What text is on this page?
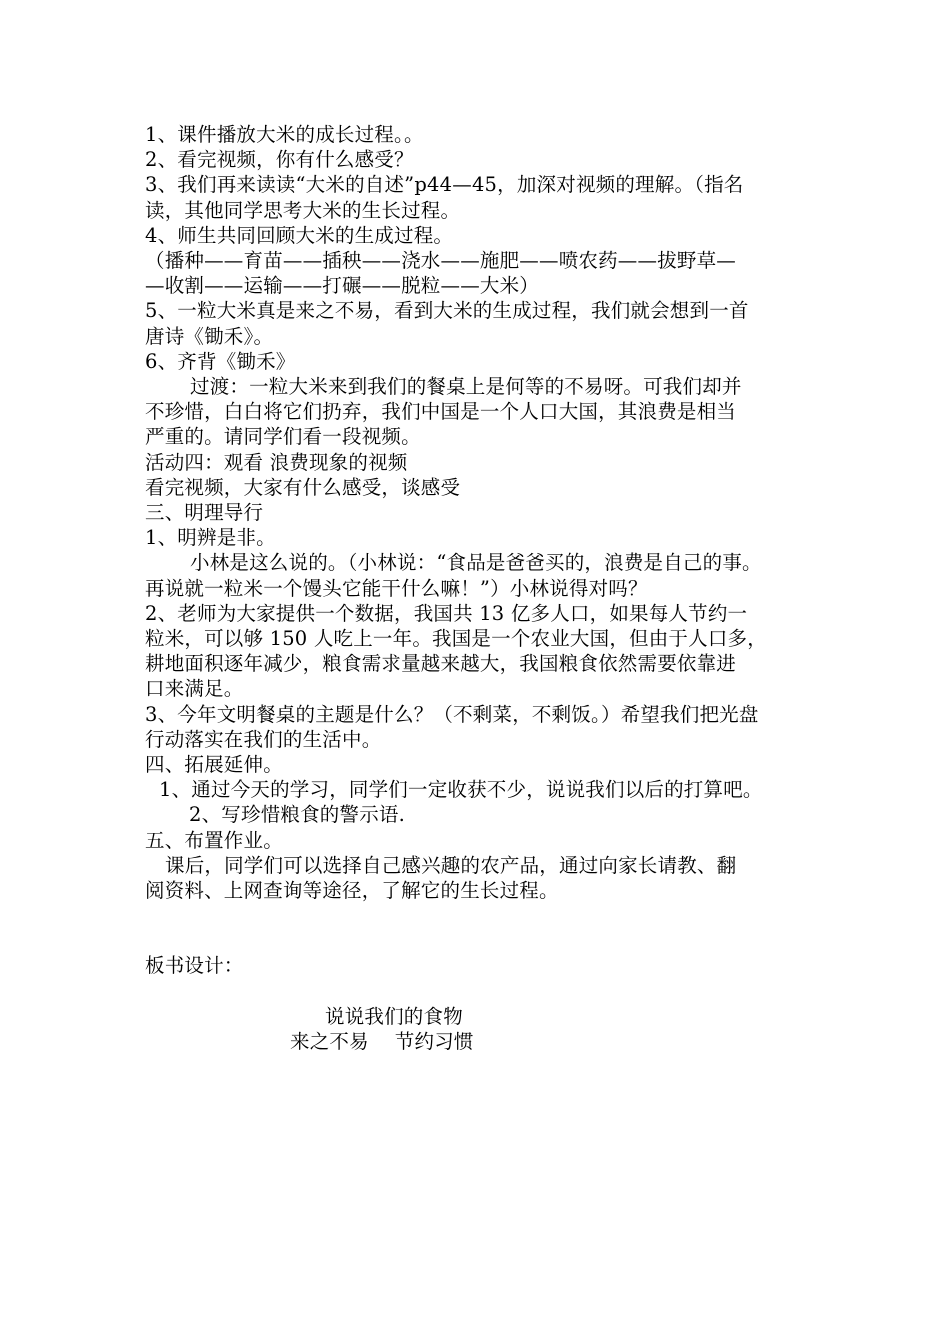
1、课件播放大米的成长过程。。

2、看完视频，你有什么感受？

3、我们再来读读“大米的自述”p44—45，加深对视频的理解。（指名

读，其他同学思考大米的生长过程。

4、师生共同回顾大米的生成过程。

（播种——育苗——插秧——浇水——施肥——喷农药——拔野草—

—收割——运输——打碾——脱粒——大米）

5、一粒大米真是来之不易，看到大米的生成过程，我们就会想到一首

唐诗《锄禾》。

6、齐背《锄禾》

过渡：一粒大米来到我们的餐桌上是何等的不易呀。可我们却并

不珍惜，白白将它们扔弃，我们中国是一个人口大国，其浪费是相当

严重的。请同学们看一段视频。

活动四：观看 浪费现象的视频

看完视频，大家有什么感受，谈感受

三、明理导行

1、明辨是非。

小林是这么说的。（小林说：“食品是爸爸买的，浪费是自己的事。

再说就一粒米一个馒头它能干什么嘛！”）小林说得对吗？

2、老师为大家提供一个数据，我国共 13 亿多人口，如果每人节约一

粒米，可以够 150 人吃上一年。我国是一个农业大国，但由于人口多，

耕地面积逐年减少，粮食需求量越来越大，我国粮食依然需要依靠进

口来满足。

3、今年文明餐桌的主题是什么？（不剩菜，不剩饭。）希望我们把光盘

行动落实在我们的生活中。

四、拓展延伸。

1、通过今天的学习，同学们一定收获不少，说说我们以后的打算吧。

2、写珍惜粮食的警示语.

五、布置作业。

课后，同学们可以选择自己感兴趣的农产品，通过向家长请教、翻

阅资料、上网查询等途径，了解它的生长过程。

板书设计：

说说我们的食物

来之不易 节约习惯
